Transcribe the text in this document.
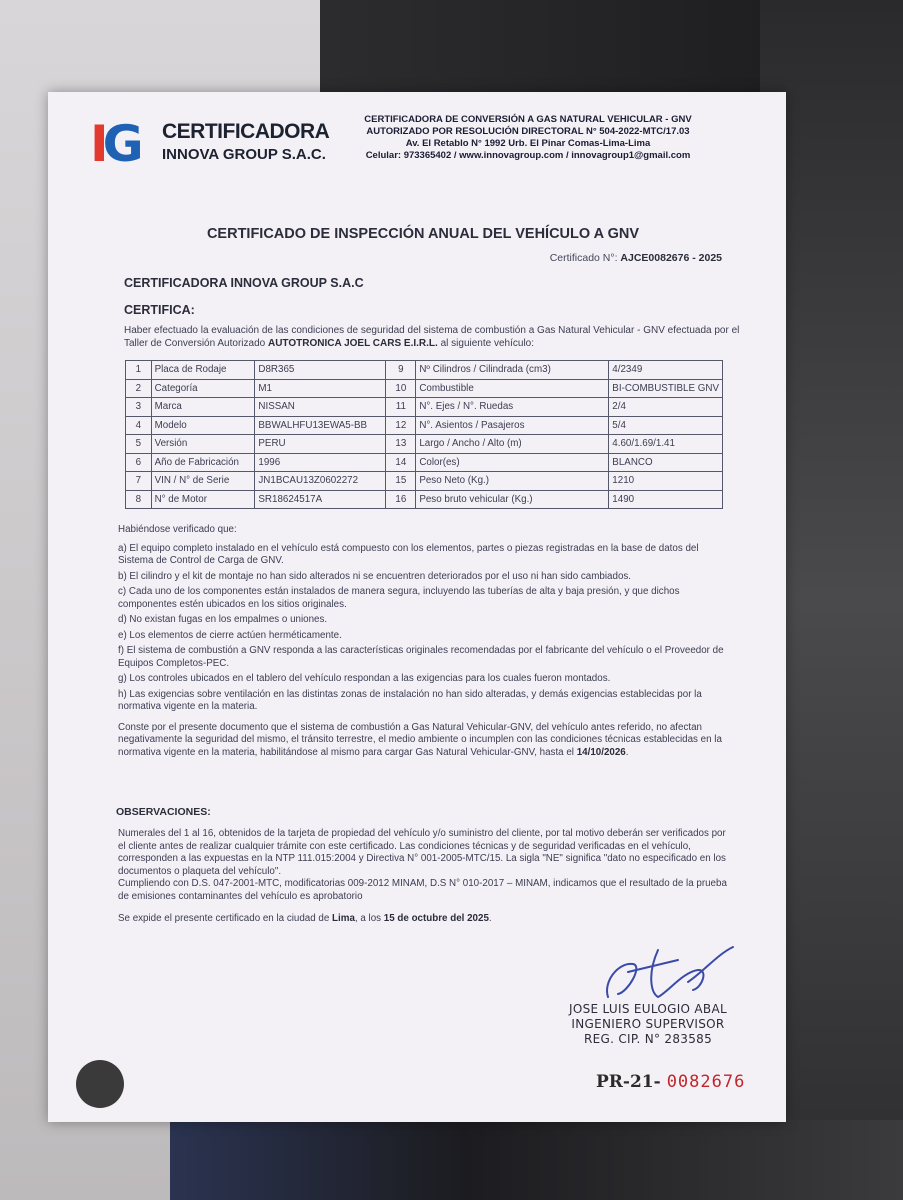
IG CERTIFICADORA
INNOVA GROUP S.A.C.
CERTIFICADORA DE CONVERSIÓN A GAS NATURAL VEHICULAR - GNV
AUTORIZADO POR RESOLUCIÓN DIRECTORAL N° 504-2022-MTC/17.03
Av. El Retablo N° 1992 Urb. El Pinar Comas-Lima-Lima
Celular: 973365402 / www.innovagroup.com / innovagroup1@gmail.com
CERTIFICADO DE INSPECCIÓN ANUAL DEL VEHÍCULO A GNV
Certificado N°: AJCE0082676 - 2025
CERTIFICADORA INNOVA GROUP S.A.C
CERTIFICA:
Haber efectuado la evaluación de las condiciones de seguridad del sistema de combustión a Gas Natural Vehicular - GNV efectuada por el Taller de Conversión Autorizado AUTOTRONICA JOEL CARS E.I.R.L. al siguiente vehículo:
1	Placa de Rodaje	D8R365	9	Nº Cilindros / Cilindrada (cm3)	4/2349
2	Categoría	M1	10	Combustible	BI-COMBUSTIBLE GNV
3	Marca	NISSAN	11	N°. Ejes / N°. Ruedas	2/4
4	Modelo	BBWALHFU13EWA5-BB	12	N°. Asientos / Pasajeros	5/4
5	Versión	PERU	13	Largo / Ancho / Alto (m)	4.60/1.69/1.41
6	Año de Fabricación	1996	14	Color(es)	BLANCO
7	VIN / N° de Serie	JN1BCAU13Z0602272	15	Peso Neto (Kg.)	1210
8	N° de Motor	SR18624517A	16	Peso bruto vehicular (Kg.)	1490

Habiéndose verificado que:

a) El equipo completo instalado en el vehículo está compuesto con los elementos, partes o piezas registradas en la base de datos del Sistema de Control de Carga de GNV.

b) El cilindro y el kit de montaje no han sido alterados ni se encuentren deteriorados por el uso ni han sido cambiados.

c) Cada uno de los componentes están instalados de manera segura, incluyendo las tuberías de alta y baja presión, y que dichos componentes estén ubicados en los sitios originales.

d) No existan fugas en los empalmes o uniones.

e) Los elementos de cierre actúen herméticamente.

f) El sistema de combustión a GNV responda a las características originales recomendadas por el fabricante del vehículo o el Proveedor de Equipos Completos-PEC.

g) Los controles ubicados en el tablero del vehículo respondan a las exigencias para los cuales fueron montados.

h) Las exigencias sobre ventilación en las distintas zonas de instalación no han sido alteradas, y demás exigencias establecidas por la normativa vigente en la materia.

Conste por el presente documento que el sistema de combustión a Gas Natural Vehicular-GNV, del vehículo antes referido, no afectan negativamente la seguridad del mismo, el tránsito terrestre, el medio ambiente o incumplen con las condiciones técnicas establecidas en la normativa vigente en la materia, habilitándose al mismo para cargar Gas Natural Vehicular-GNV, hasta el 14/10/2026.

OBSERVACIONES:

Numerales del 1 al 16, obtenidos de la tarjeta de propiedad del vehículo y/o suministro del cliente, por tal motivo deberán ser verificados por el cliente antes de realizar cualquier trámite con este certificado. Las condiciones técnicas y de seguridad verificadas en el vehículo, corresponden a las expuestas en la NTP 111.015:2004 y Directiva N° 001-2005-MTC/15. La sigla "NE" significa "dato no especificado en los documentos o plaqueta del vehículo".

Cumpliendo con D.S. 047-2001-MTC, modificatorias 009-2012 MINAM, D.S N° 010-2017 – MINAM, indicamos que el resultado de la prueba de emisiones contaminantes del vehículo es aprobatorio

Se expide el presente certificado en la ciudad de Lima, a los 15 de octubre del 2025.

JOSE LUIS EULOGIO ABAL
INGENIERO SUPERVISOR
REG. CIP. N° 283585
PR-21- 0082676
